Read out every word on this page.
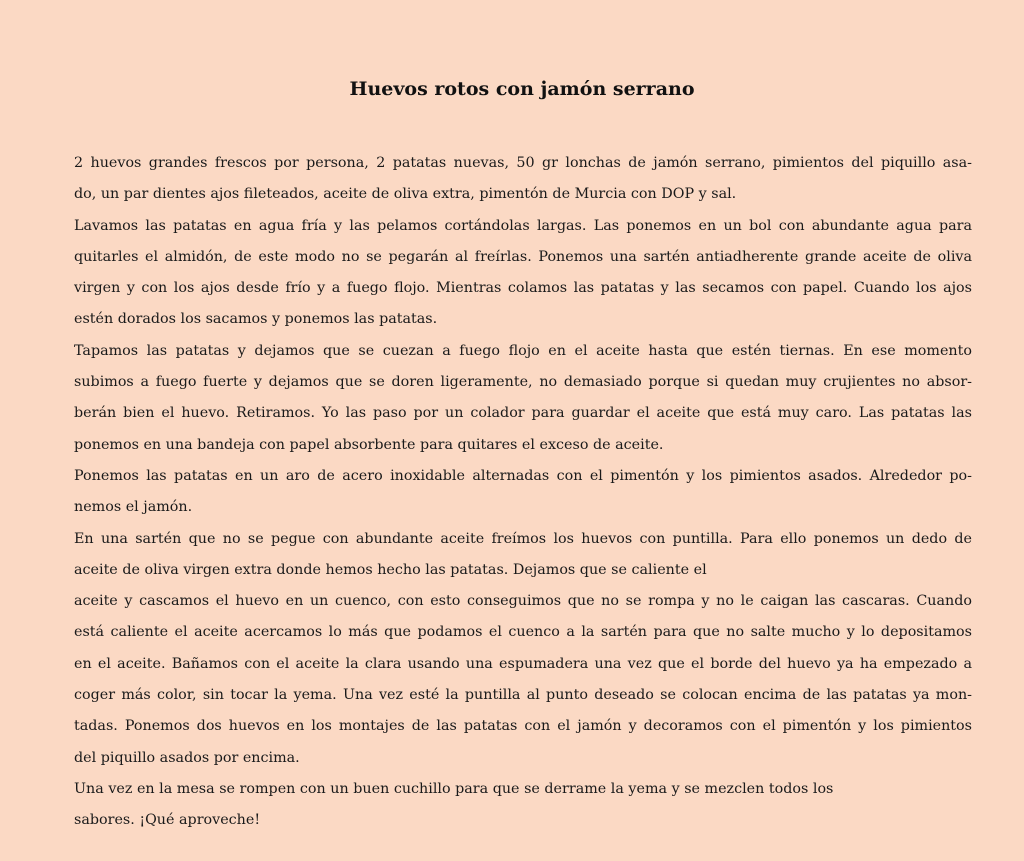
Huevos rotos con jamón serrano
2 huevos grandes frescos por persona, 2 patatas nuevas, 50 gr lonchas de jamón serrano, pimientos del piquillo asa-
do, un par dientes ajos fileteados, aceite de oliva extra, pimentón de Murcia con DOP y sal.
Lavamos las patatas en agua fría y las pelamos cortándolas largas. Las ponemos en un bol con abundante agua para
quitarles el almidón, de este modo no se pegarán al freírlas. Ponemos una sartén antiadherente grande aceite de oliva
virgen y con los ajos desde frío y a fuego flojo. Mientras colamos las patatas y las secamos con papel. Cuando los ajos
estén dorados los sacamos y ponemos las patatas.
Tapamos las patatas y dejamos que se cuezan a fuego flojo en el aceite hasta que estén tiernas. En ese momento
subimos a fuego fuerte y dejamos que se doren ligeramente, no demasiado porque si quedan muy crujientes no absor-
berán bien el huevo. Retiramos. Yo las paso por un colador para guardar el aceite que está muy caro. Las patatas las
ponemos en una bandeja con papel absorbente para quitares el exceso de aceite.
Ponemos las patatas en un aro de acero inoxidable alternadas con el pimentón y los pimientos asados. Alrededor po-
nemos el jamón.
En una sartén que no se pegue con abundante aceite freímos los huevos con puntilla. Para ello ponemos un dedo de
aceite de oliva virgen extra donde hemos hecho las patatas. Dejamos que se caliente el
aceite y cascamos el huevo en un cuenco, con esto conseguimos que no se rompa y no le caigan las cascaras. Cuando
está caliente el aceite acercamos lo más que podamos el cuenco a la sartén para que no salte mucho y lo depositamos
en el aceite. Bañamos con el aceite la clara usando una espumadera una vez que el borde del huevo ya ha empezado a
coger más color, sin tocar la yema. Una vez esté la puntilla al punto deseado se colocan encima de las patatas ya mon-
tadas. Ponemos dos huevos en los montajes de las patatas con el jamón y decoramos con el pimentón y los pimientos
del piquillo asados por encima.
Una vez en la mesa se rompen con un buen cuchillo para que se derrame la yema y se mezclen todos los
sabores. ¡Qué aproveche!
